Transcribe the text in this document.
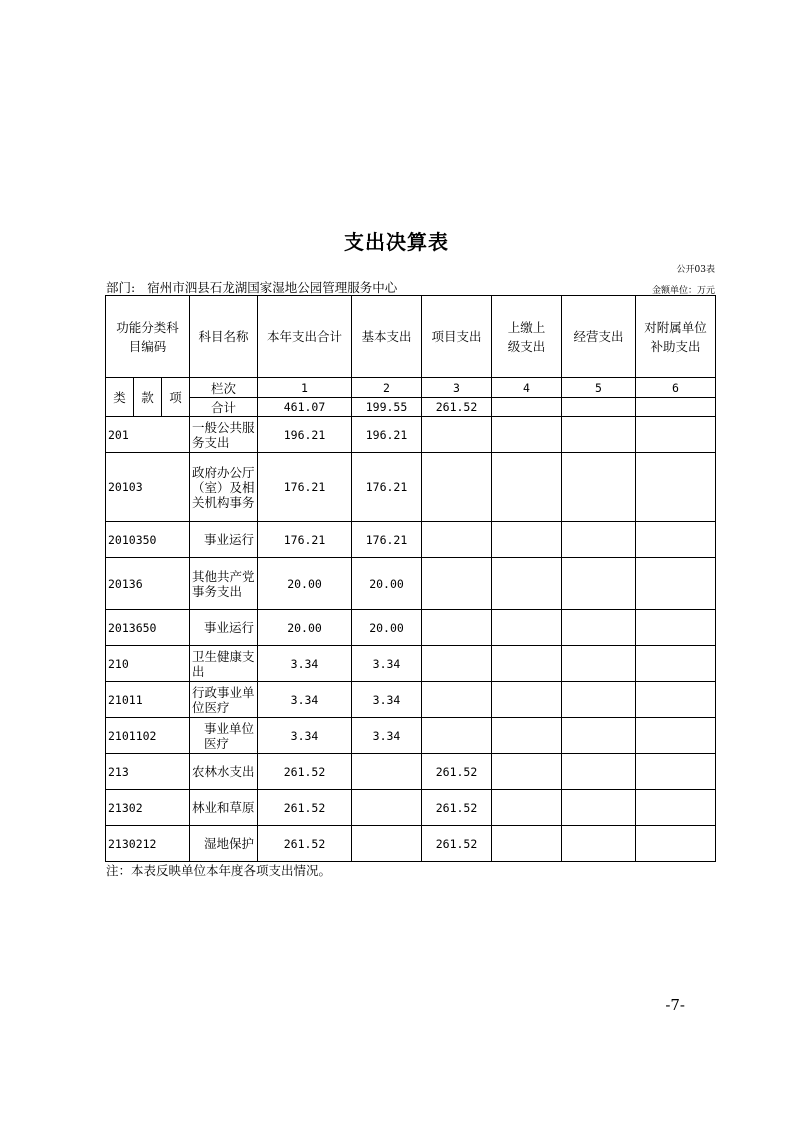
支出决算表
公开03表
部门: 宿州市泗县石龙湖国家湿地公园管理服务中心	金额单位：万元
功能分类科目编码			科目名称	本年支出合计	基本支出	项目支出	上缴上级支出	经营支出	对附属单位补助支出
类	款	项	栏次	1	2	3	4	5	6
			合计	461.07	199.55	261.52			
201			一般公共服务支出	196.21	196.21				
20103			政府办公厅（室）及相关机构事务	176.21	176.21				
2010350			事业运行	176.21	176.21				
20136			其他共产党事务支出	20.00	20.00				
2013650			事业运行	20.00	20.00				
210			卫生健康支出	3.34	3.34				
21011			行政事业单位医疗	3.34	3.34				
2101102			事业单位医疗	3.34	3.34				
213			农林水支出	261.52		261.52			
21302			林业和草原	261.52		261.52			
2130212			湿地保护	261.52		261.52			
注：本表反映单位本年度各项支出情况。
-7-
